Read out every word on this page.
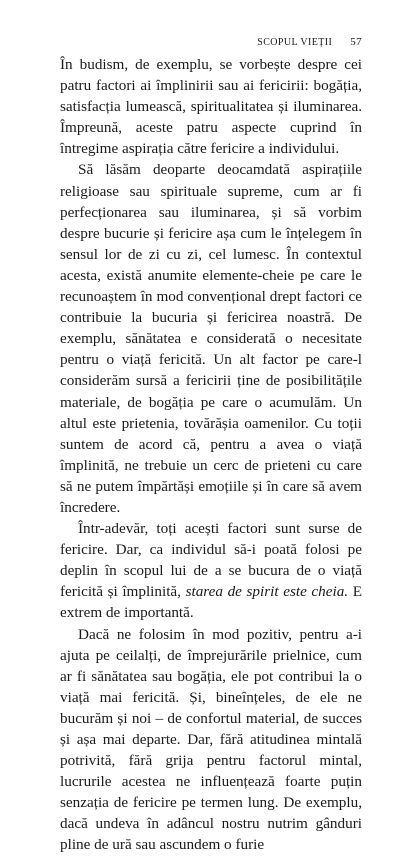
SCOPUL VIEȚII 57

În budism, de exemplu, se vorbește despre cei patru factori ai împlinirii sau ai fericirii: bogăția, satisfacția lumească, spiritualitatea și iluminarea. Împreună, aceste patru aspecte cuprind în întregime aspirația către fericire a individului.

Să lăsăm deoparte deocamdată aspirațiile religioase sau spirituale supreme, cum ar fi perfecționarea sau iluminarea, și să vorbim despre bucurie și fericire așa cum le înțelegem în sensul lor de zi cu zi, cel lumesc. În contextul acesta, există anumite elemente-cheie pe care le recunoaștem în mod convențional drept factori ce contribuie la bucuria și fericirea noastră. De exemplu, sănătatea e considerată o necesitate pentru o viață fericită. Un alt factor pe care-l considerăm sursă a fericirii ține de posibilitățile materiale, de bogăția pe care o acumulăm. Un altul este prietenia, tovărășia oamenilor. Cu toții suntem de acord că, pentru a avea o viață împlinită, ne trebuie un cerc de prieteni cu care să ne putem împărtăși emoțiile și în care să avem încredere.

Într-adevăr, toți acești factori sunt surse de fericire. Dar, ca individul să-i poată folosi pe deplin în scopul lui de a se bucura de o viață fericită și împlinită, starea de spirit este cheia. E extrem de importantă.

Dacă ne folosim în mod pozitiv, pentru a-i ajuta pe ceilalți, de împrejurările prielnice, cum ar fi sănătatea sau bogăția, ele pot contribui la o viață mai fericită. Și, bineînțeles, de ele ne bucurăm și noi – de confortul material, de succes și așa mai departe. Dar, fără atitudinea mintală potrivită, fără grija pentru factorul mintal, lucrurile acestea ne influențează foarte puțin senzația de fericire pe termen lung. De exemplu, dacă undeva în adâncul nostru nutrim gânduri pline de ură sau ascundem o furie
